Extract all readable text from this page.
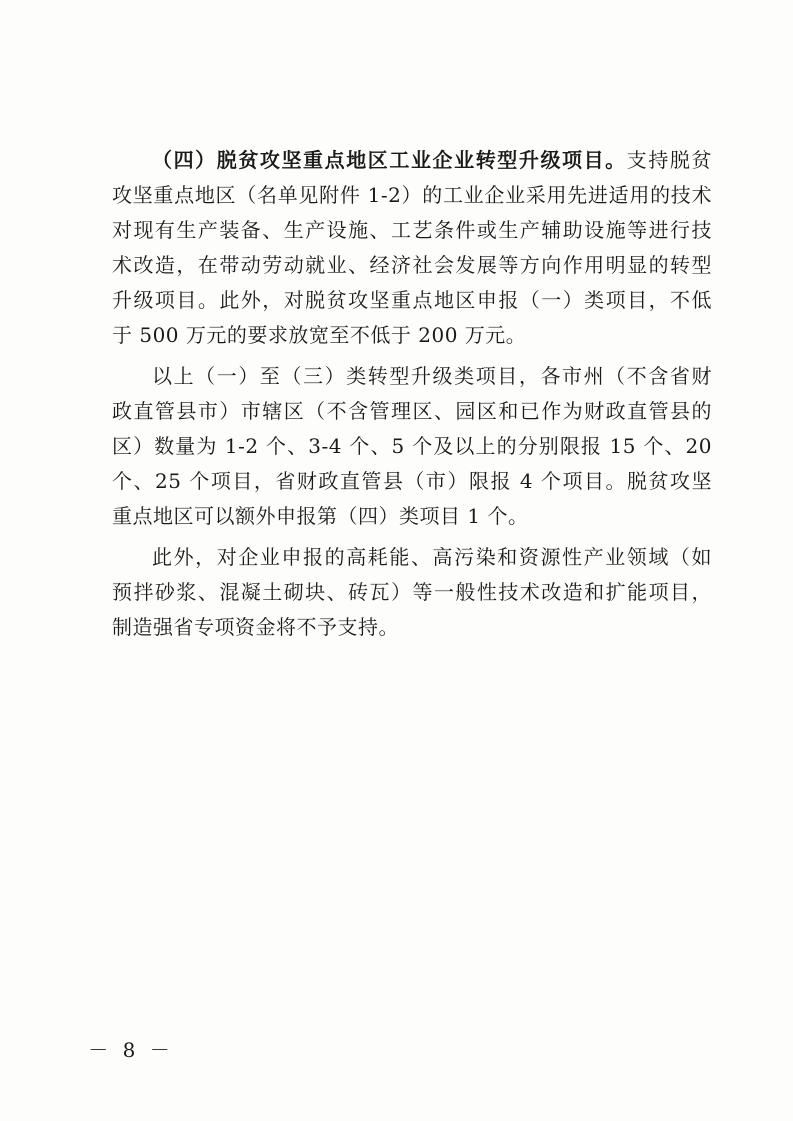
（四）脱贫攻坚重点地区工业企业转型升级项目。支持脱贫
攻坚重点地区（名单见附件 1-2）的工业企业采用先进适用的技术
对现有生产装备、生产设施、工艺条件或生产辅助设施等进行技
术改造，在带动劳动就业、经济社会发展等方向作用明显的转型
升级项目。此外，对脱贫攻坚重点地区申报（一）类项目，不低
于 500 万元的要求放宽至不低于 200 万元。
以上（一）至（三）类转型升级类项目，各市州（不含省财
政直管县市）市辖区（不含管理区、园区和已作为财政直管县的
区）数量为 1-2 个、3-4 个、5 个及以上的分别限报 15 个、20
个、25 个项目，省财政直管县（市）限报 4 个项目。脱贫攻坚
重点地区可以额外申报第（四）类项目 1 个。
此外，对企业申报的高耗能、高污染和资源性产业领域（如
预拌砂浆、混凝土砌块、砖瓦）等一般性技术改造和扩能项目，
制造强省专项资金将不予支持。
－ 8 －
